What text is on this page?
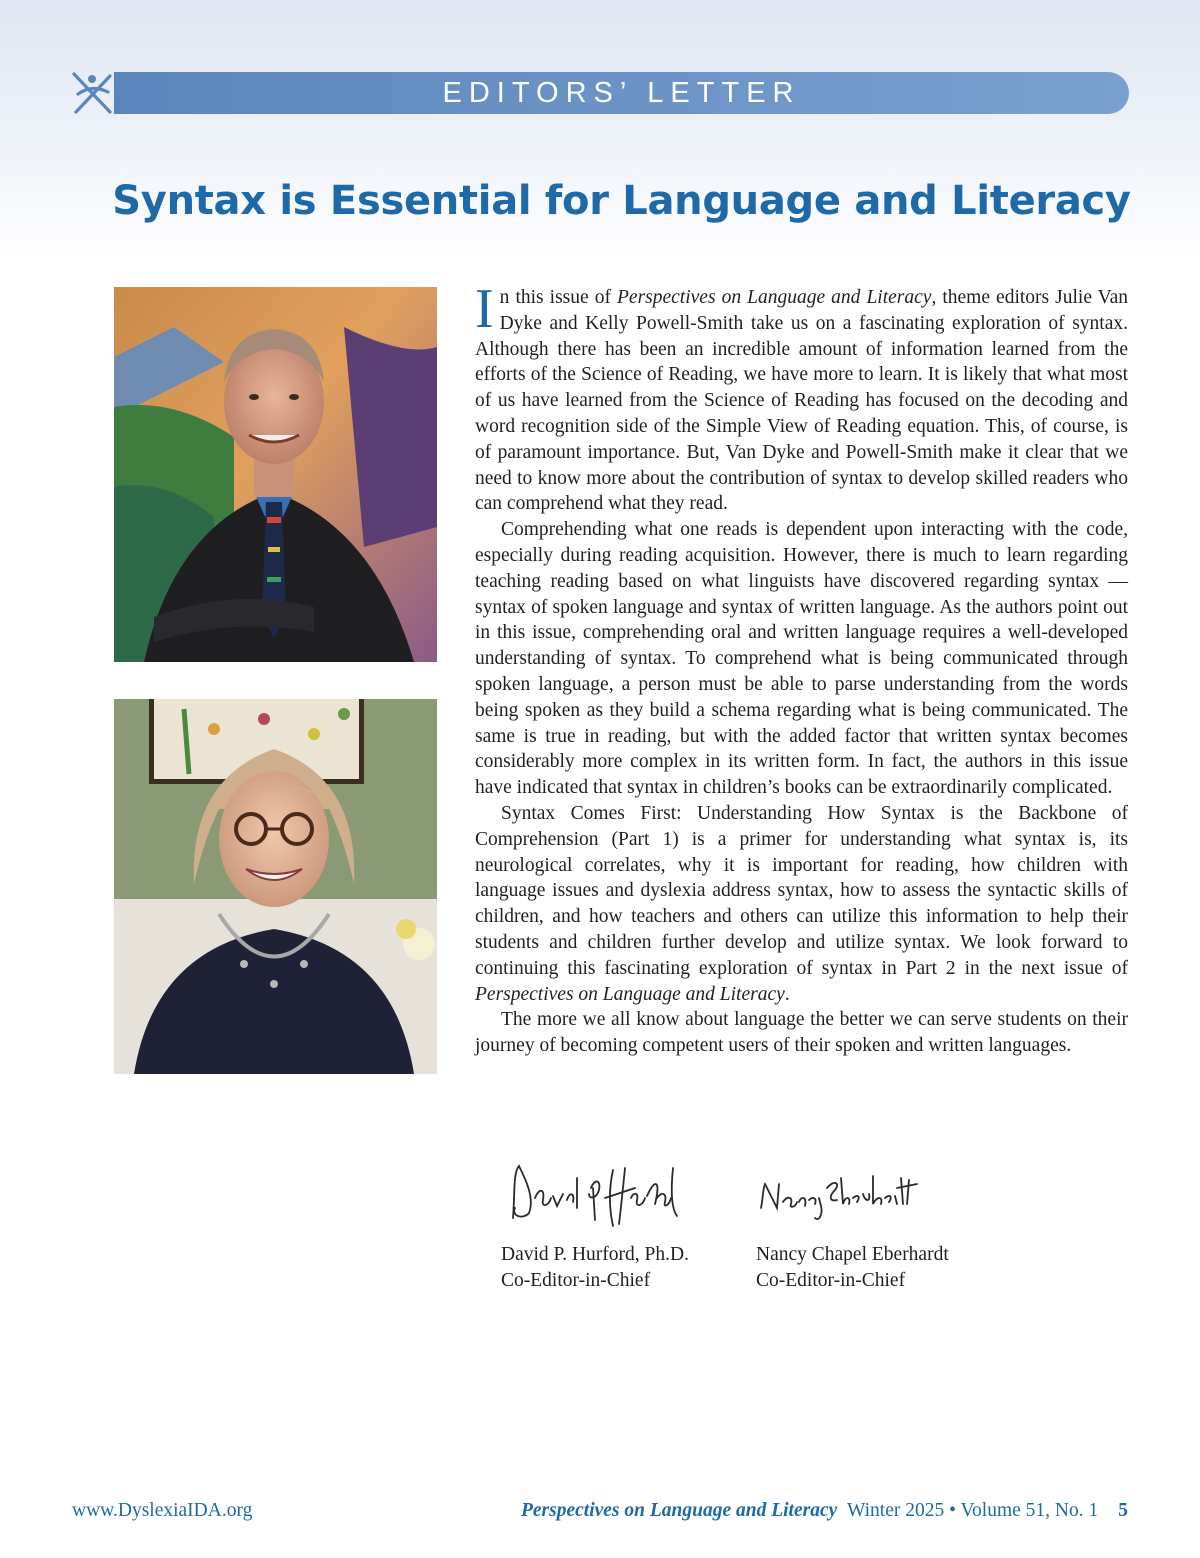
EDITORS’ LETTER
Syntax is Essential for Language and Literacy

In this issue of Perspectives on Language and Literacy, theme editors Julie Van Dyke and Kelly Powell-Smith take us on a fascinating exploration of syntax. Although there has been an incredible amount of information learned from the efforts of the Science of Reading, we have more to learn. It is likely that what most of us have learned from the Science of Reading has focused on the decoding and word recognition side of the Simple View of Reading equation. This, of course, is of paramount importance. But, Van Dyke and Powell-Smith make it clear that we need to know more about the contribution of syntax to develop skilled readers who can comprehend what they read.

Comprehending what one reads is dependent upon interacting with the code, especially during reading acquisition. However, there is much to learn regarding teaching reading based on what linguists have discovered regarding syntax — syntax of spoken language and syntax of written language. As the authors point out in this issue, comprehending oral and written language requires a well-developed understanding of syntax. To comprehend what is being communicated through spoken language, a person must be able to parse understanding from the words being spoken as they build a schema regarding what is being communicated. The same is true in reading, but with the added factor that written syntax becomes considerably more complex in its written form. In fact, the authors in this issue have indicated that syntax in children’s books can be extraordinarily complicated.

Syntax Comes First: Understanding How Syntax is the Backbone of Comprehension (Part 1) is a primer for understanding what syntax is, its neurological correlates, why it is important for reading, how children with language issues and dyslexia address syntax, how to assess the syntactic skills of children, and how teachers and others can utilize this information to help their students and children further develop and utilize syntax. We look forward to continuing this fascinating exploration of syntax in Part 2 in the next issue of Perspectives on Language and Literacy.

The more we all know about language the better we can serve students on their journey of becoming competent users of their spoken and written languages.

David P. Hurford, Ph.D.
Co-Editor-in-Chief
Nancy Chapel Eberhardt
Co-Editor-in-Chief
www.DyslexiaIDA.org	Perspectives on Language and Literacy Winter 2025 • Volume 51, No. 1 5
